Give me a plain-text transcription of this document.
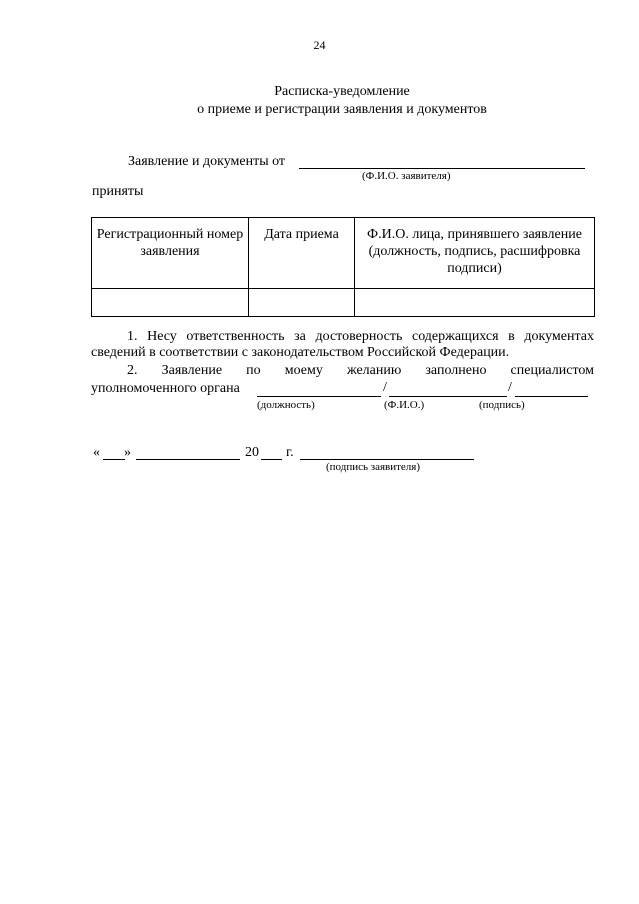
24
Расписка-уведомление
о приеме и регистрации заявления и документов
Заявление и документы от
(Ф.И.О. заявителя)
приняты
Регистрационный номер заявления	Дата приема	Ф.И.О. лица, принявшего заявление (должность, подпись, расшифровка подписи)

1. Несу ответственность за достоверность содержащихся в документах
сведений в соответствии с законодательством Российской Федерации.
2. Заявление по моему желанию заполнено специалистом
уполномоченного органа	/	/
(должность)	(Ф.И.О.)	(подпись)
« »	20 г.
(подпись заявителя)
